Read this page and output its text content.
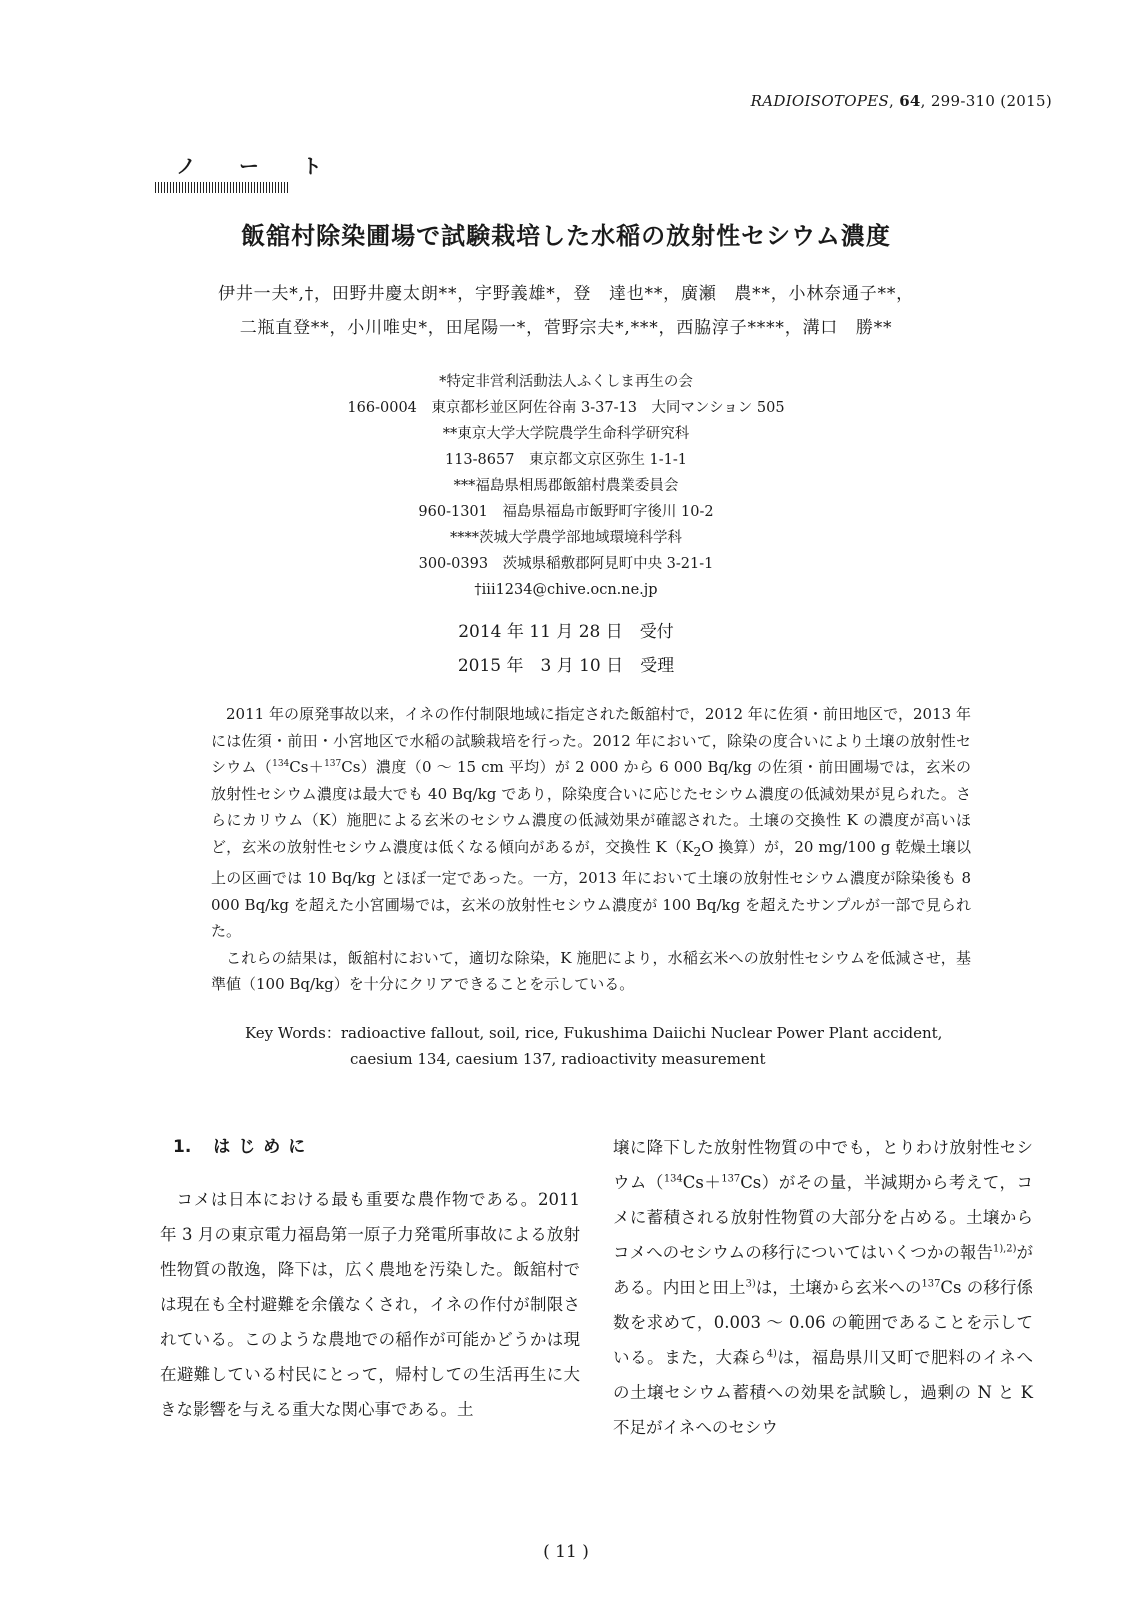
RADIOISOTOPES, 64, 299-310 (2015)
ノ ー ト
飯舘村除染圃場で試験栽培した水稲の放射性セシウム濃度
伊井一夫*,†，田野井慶太朗**，宇野義雄*，登　達也**，廣瀬　農**，小林奈通子**，
二瓶直登**，小川唯史*，田尾陽一*，菅野宗夫*,***，西脇淳子****，溝口　勝**
*特定非営利活動法人ふくしま再生の会
166-0004　東京都杉並区阿佐谷南 3-37-13　大同マンション 505
**東京大学大学院農学生命科学研究科
113-8657　東京都文京区弥生 1-1-1
***福島県相馬郡飯舘村農業委員会
960-1301　福島県福島市飯野町字後川 10-2
****茨城大学農学部地域環境科学科
300-0393　茨城県稲敷郡阿見町中央 3-21-1
†iii1234@chive.ocn.ne.jp
2014 年 11 月 28 日　受付
2015 年　3 月 10 日　受理

2011 年の原発事故以来，イネの作付制限地域に指定された飯舘村で，2012 年に佐須・前田地区で，2013 年には佐須・前田・小宮地区で水稲の試験栽培を行った。2012 年において，除染の度合いにより土壌の放射性セシウム（$^{134}$Cs＋$^{137}$Cs）濃度（0 ～ 15 cm 平均）が 2 000 から 6 000 Bq/kg の佐須・前田圃場では，玄米の放射性セシウム濃度は最大でも 40 Bq/kg であり，除染度合いに応じたセシウム濃度の低減効果が見られた。さらにカリウム（K）施肥による玄米のセシウム濃度の低減効果が確認された。土壌の交換性 K の濃度が高いほど，玄米の放射性セシウム濃度は低くなる傾向があるが，交換性 $K(K_2O$ 換算）が，20 mg/100 g 乾燥土壌以上の区画では 10 Bq/kg とほぼ一定であった。一方，2013 年において土壌の放射性セシウム濃度が除染後も 8 000 Bq/kg を超えた小宮圃場では，玄米の放射性セシウム濃度が 100 Bq/kg を超えたサンプルが一部で見られた。

これらの結果は，飯舘村において，適切な除染，K 施肥により，水稲玄米への放射性セシウムを低減させ，基準値（100 Bq/kg）を十分にクリアできることを示している。

Key Words：radioactive fallout, soil, rice, Fukushima Daiichi Nuclear Power Plant accident,
caesium 134, caesium 137, radioactivity measurement
1. はじめに

コメは日本における最も重要な農作物である。2011 年 3 月の東京電力福島第一原子力発電所事故による放射性物質の散逸，降下は，広く農地を汚染した。飯舘村では現在も全村避難を余儀なくされ，イネの作付が制限されている。このような農地での稲作が可能かどうかは現在避難している村民にとって，帰村しての生活再生に大きな影響を与える重大な関心事である。土

壌に降下した放射性物質の中でも，とりわけ放射性セシウム（$^{134}$Cs＋$^{137}$Cs）がその量，半減期から考えて，コメに蓄積される放射性物質の大部分を占める。土壌からコメへのセシウムの移行についてはいくつかの報告$^{1),2)}$がある。内田と田上$^{3)}$は，土壌から玄米への$^{137}$Cs の移行係数を求めて，0.003 ～ 0.06 の範囲であることを示している。また，大森ら$^{4)}$は，福島県川又町で肥料のイネへの土壌セシウム蓄積への効果を試験し，過剰の N と K 不足がイネへのセシウ

( 11 )
